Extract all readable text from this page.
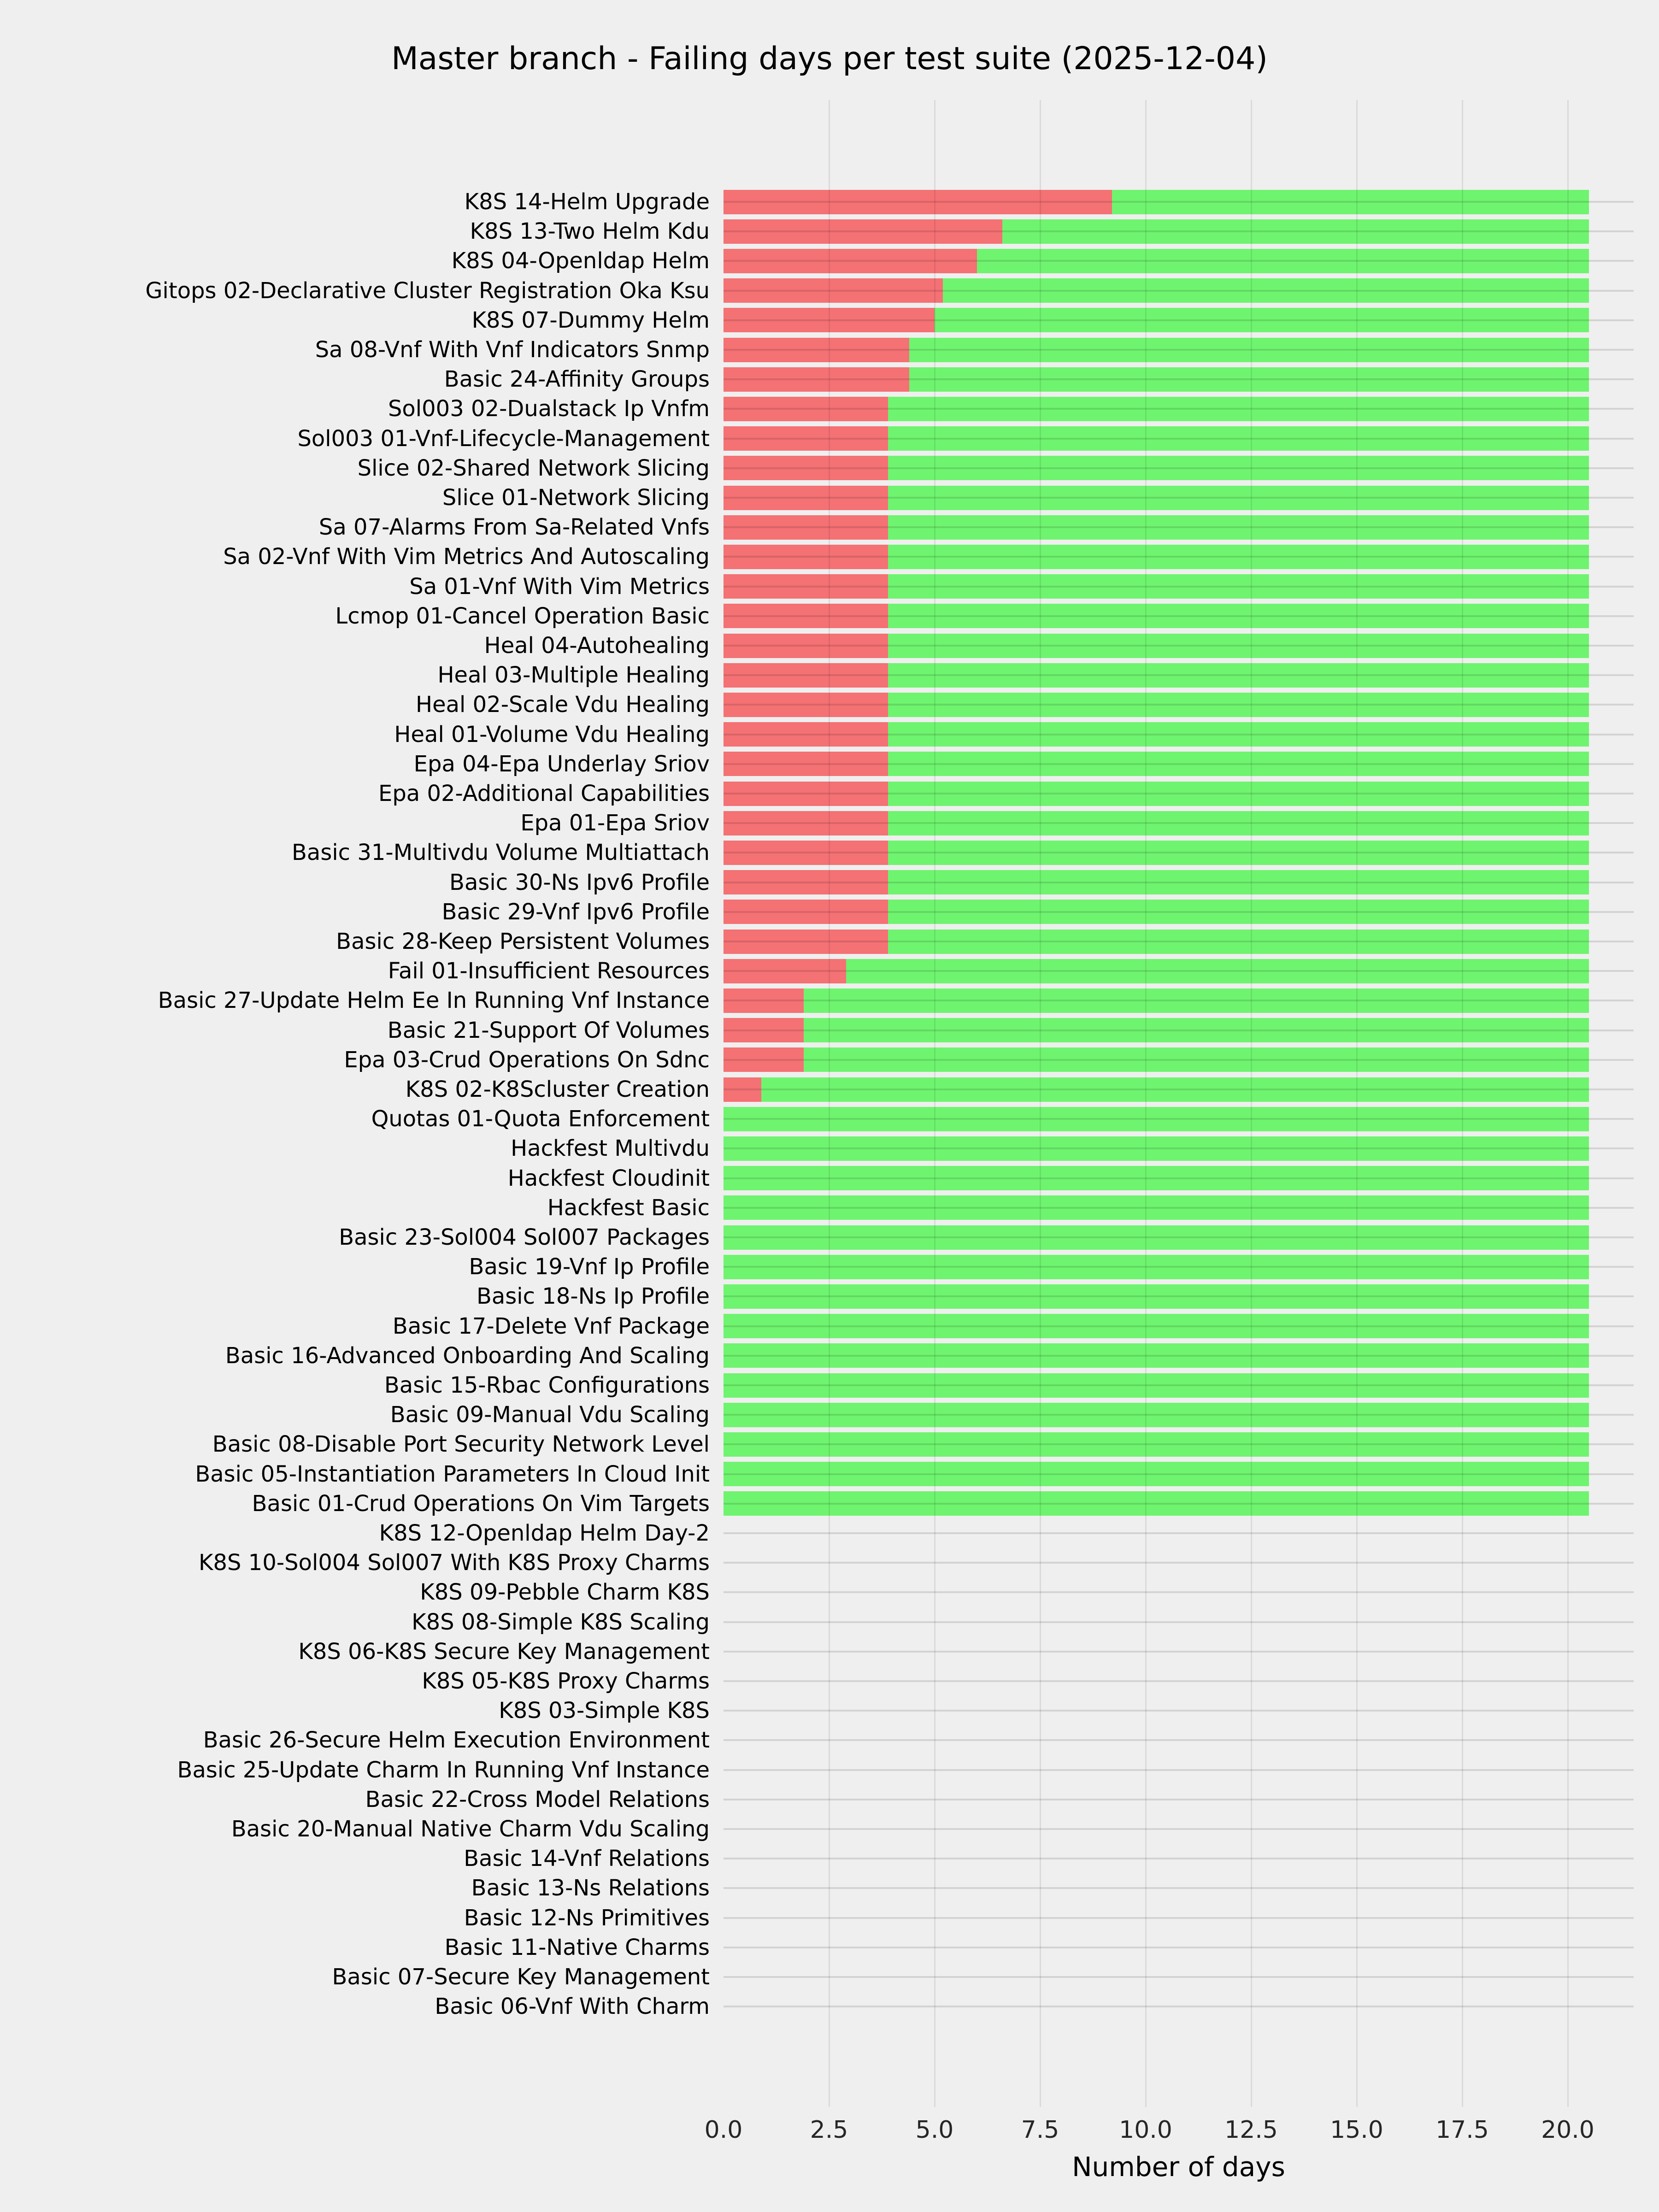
Master branch - Failing days per test suite (2025-12-04)
K8S 14-Helm Upgrade
K8S 13-Two Helm Kdu
K8S 04-Openldap Helm
Gitops 02-Declarative Cluster Registration Oka Ksu
K8S 07-Dummy Helm
Sa 08-Vnf With Vnf Indicators Snmp
Basic 24-Affinity Groups
Sol003 02-Dualstack Ip Vnfm
Sol003 01-Vnf-Lifecycle-Management
Slice 02-Shared Network Slicing
Slice 01-Network Slicing
Sa 07-Alarms From Sa-Related Vnfs
Sa 02-Vnf With Vim Metrics And Autoscaling
Sa 01-Vnf With Vim Metrics
Lcmop 01-Cancel Operation Basic
Heal 04-Autohealing
Heal 03-Multiple Healing
Heal 02-Scale Vdu Healing
Heal 01-Volume Vdu Healing
Epa 04-Epa Underlay Sriov
Epa 02-Additional Capabilities
Epa 01-Epa Sriov
Basic 31-Multivdu Volume Multiattach
Basic 30-Ns Ipv6 Profile
Basic 29-Vnf Ipv6 Profile
Basic 28-Keep Persistent Volumes
Fail 01-Insufficient Resources
Basic 27-Update Helm Ee In Running Vnf Instance
Basic 21-Support Of Volumes
Epa 03-Crud Operations On Sdnc
K8S 02-K8Scluster Creation
Quotas 01-Quota Enforcement
Hackfest Multivdu
Hackfest Cloudinit
Hackfest Basic
Basic 23-Sol004 Sol007 Packages
Basic 19-Vnf Ip Profile
Basic 18-Ns Ip Profile
Basic 17-Delete Vnf Package
Basic 16-Advanced Onboarding And Scaling
Basic 15-Rbac Configurations
Basic 09-Manual Vdu Scaling
Basic 08-Disable Port Security Network Level
Basic 05-Instantiation Parameters In Cloud Init
Basic 01-Crud Operations On Vim Targets
K8S 12-Openldap Helm Day-2
K8S 10-Sol004 Sol007 With K8S Proxy Charms
K8S 09-Pebble Charm K8S
K8S 08-Simple K8S Scaling
K8S 06-K8S Secure Key Management
K8S 05-K8S Proxy Charms
K8S 03-Simple K8S
Basic 26-Secure Helm Execution Environment
Basic 25-Update Charm In Running Vnf Instance
Basic 22-Cross Model Relations
Basic 20-Manual Native Charm Vdu Scaling
Basic 14-Vnf Relations
Basic 13-Ns Relations
Basic 12-Ns Primitives
Basic 11-Native Charms
Basic 07-Secure Key Management
Basic 06-Vnf With Charm
0.0	2.5	5.0	7.5	10.0	12.5	15.0	17.5	20.0
Number of days
